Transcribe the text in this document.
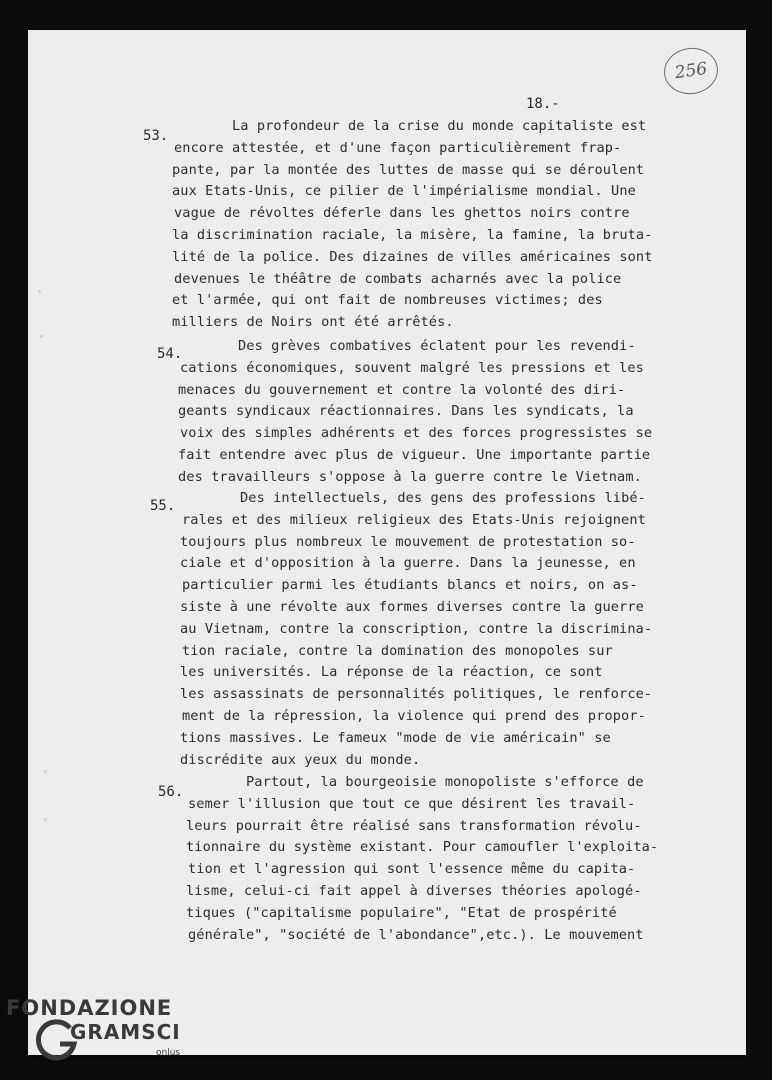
256
18.-
53.
La profondeur de la crise du monde capitaliste est
encore attestée, et d'une façon particulièrement frap-
pante, par la montée des luttes de masse qui se déroulent
aux Etats-Unis, ce pilier de l'impérialisme mondial. Une
vague de révoltes déferle dans les ghettos noirs contre
la discrimination raciale, la misère, la famine, la bruta-
lité de la police. Des dizaines de villes américaines sont
devenues le théâtre de combats acharnés avec la police
et l'armée, qui ont fait de nombreuses victimes; des
milliers de Noirs ont été arrêtés.
54.	Des grèves combatives éclatent pour les revendi-
cations économiques, souvent malgré les pressions et les
menaces du gouvernement et contre la volonté des diri-
geants syndicaux réactionnaires. Dans les syndicats, la
voix des simples adhérents et des forces progressistes se
fait entendre avec plus de vigueur. Une importante partie
des travailleurs s'oppose à la guerre contre le Vietnam.
55.	Des intellectuels, des gens des professions libé-
rales et des milieux religieux des Etats-Unis rejoignent
toujours plus nombreux le mouvement de protestation so-
ciale et d'opposition à la guerre. Dans la jeunesse, en
particulier parmi les étudiants blancs et noirs, on as-
siste à une révolte aux formes diverses contre la guerre
au Vietnam, contre la conscription, contre la discrimina-
tion raciale, contre la domination des monopoles sur
les universités. La réponse de la réaction, ce sont
les assassinats de personnalités politiques, le renforce-
ment de la répression, la violence qui prend des propor-
tions massives. Le fameux "mode de vie américain" se
discrédite aux yeux du monde.
56.
Partout, la bourgeoisie monopoliste s'efforce de
semer l'illusion que tout ce que désirent les travail-
leurs pourrait être réalisé sans transformation révolu-
tionnaire du système existant. Pour camoufler l'exploita-
tion et l'agression qui sont l'essence même du capita-
lisme, celui-ci fait appel à diverses théories apologé-
tiques ("capitalisme populaire", "Etat de prospérité
générale", "société de l'abondance",etc.). Le mouvement
FONDAZIONE
GRAMSCI
onlus
